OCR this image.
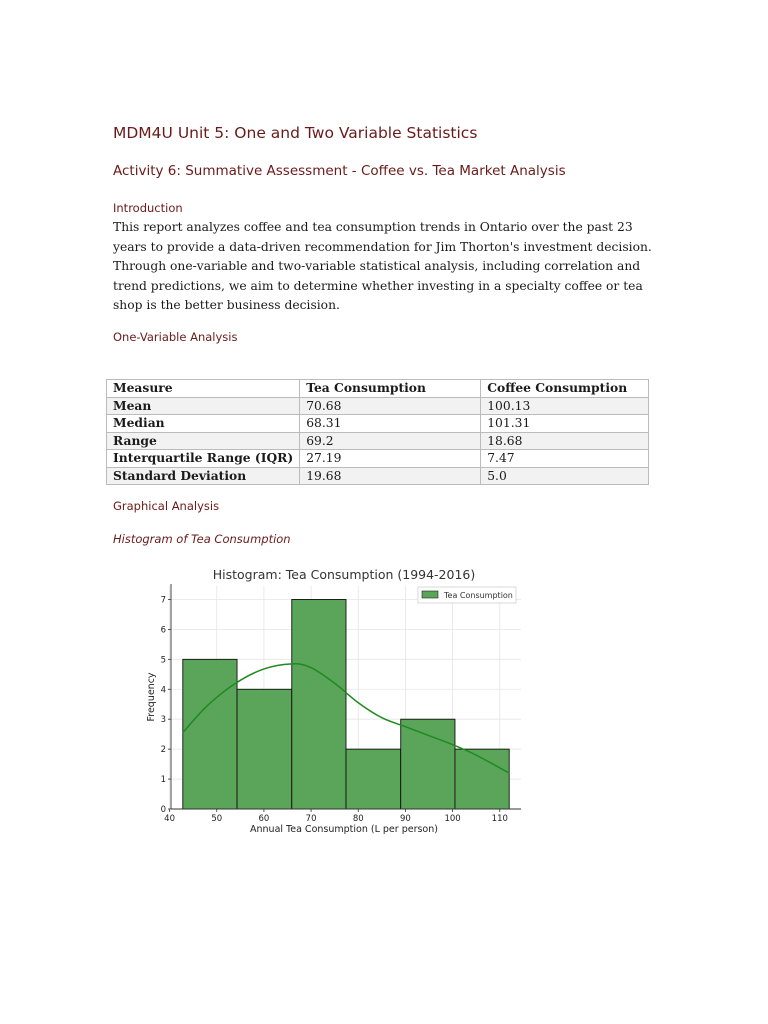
MDM4U Unit 5: One and Two Variable Statistics
Activity 6: Summative Assessment - Coffee vs. Tea Market Analysis
Introduction

This report analyzes coffee and tea consumption trends in Ontario over the past 23 years to provide a data-driven recommendation for Jim Thorton's investment decision. Through one-variable and two-variable statistical analysis, including correlation and trend predictions, we aim to determine whether investing in a specialty coffee or tea shop is the better business decision.

One-Variable Analysis
Measure	Tea Consumption	Coffee Consumption
Mean	70.68	100.13
Median	68.31	101.31
Range	69.2	18.68
Interquartile Range (IQR)	27.19	7.47
Standard Deviation	19.68	5.0
Graphical Analysis
Histogram of Tea Consumption
40	50	60	70	80	90	100	110
0
1
2
3
4
5
6
7
Histogram: Tea Consumption (1994-2016)
Annual Tea Consumption (L per person)
Frequency
Tea Consumption
